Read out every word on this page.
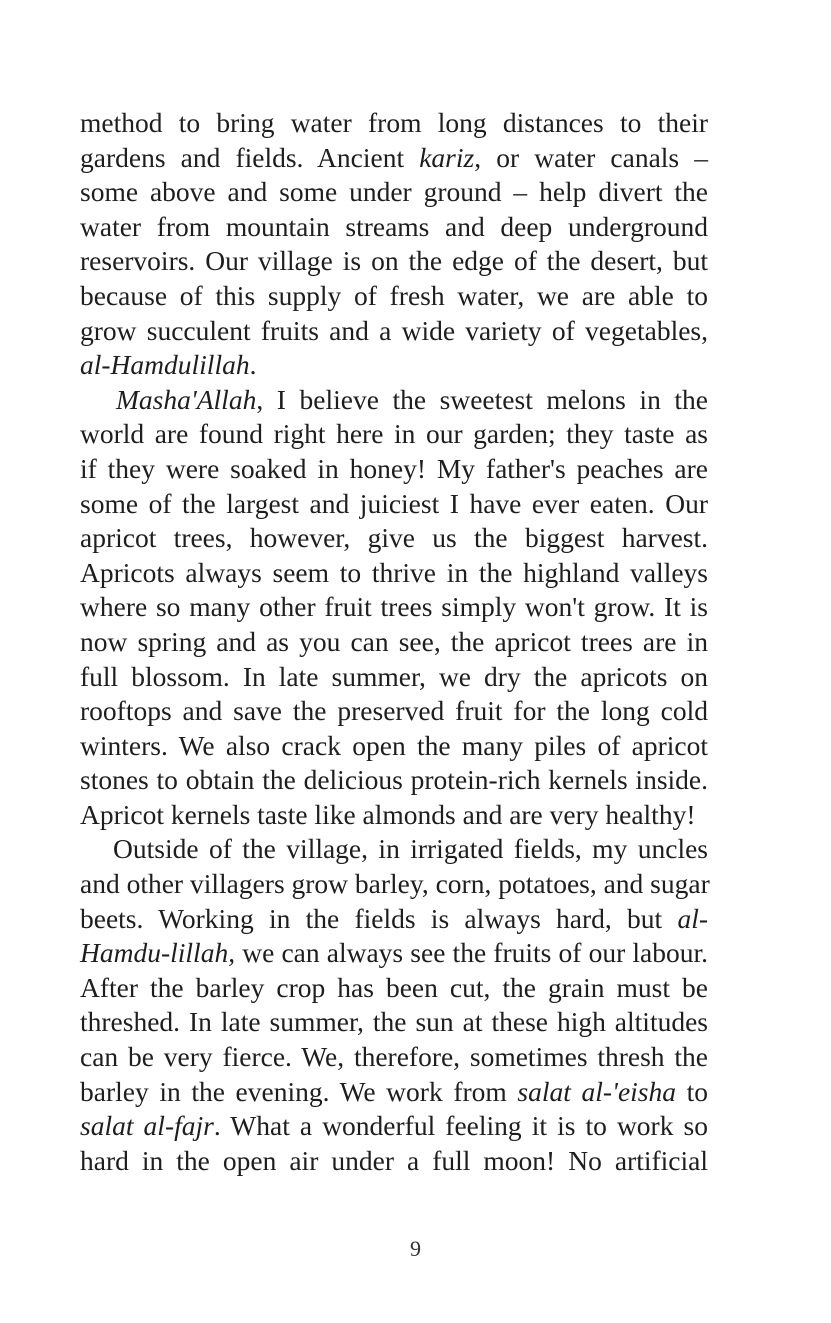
method to bring water from long distances to their
gardens and fields. Ancient kariz, or water canals –
some above and some under ground – help divert the
water from mountain streams and deep underground
reservoirs. Our village is on the edge of the desert, but
because of this supply of fresh water, we are able to
grow succulent fruits and a wide variety of vegetables,
al-Hamdulillah.
Masha'Allah, I believe the sweetest melons in the
world are found right here in our garden; they taste as
if they were soaked in honey! My father's peaches are
some of the largest and juiciest I have ever eaten. Our
apricot trees, however, give us the biggest harvest.
Apricots always seem to thrive in the highland valleys
where so many other fruit trees simply won't grow. It is
now spring and as you can see, the apricot trees are in
full blossom. In late summer, we dry the apricots on
rooftops and save the preserved fruit for the long cold
winters. We also crack open the many piles of apricot
stones to obtain the delicious protein-rich kernels inside.
Apricot kernels taste like almonds and are very healthy!
Outside of the village, in irrigated fields, my uncles
and other villagers grow barley, corn, potatoes, and sugar
beets. Working in the fields is always hard, but al-
Hamdu-lillah, we can always see the fruits of our labour.
After the barley crop has been cut, the grain must be
threshed. In late summer, the sun at these high altitudes
can be very fierce. We, therefore, sometimes thresh the
barley in the evening. We work from salat al-'eisha to
salat al-fajr. What a wonderful feeling it is to work so
hard in the open air under a full moon! No artificial
9
